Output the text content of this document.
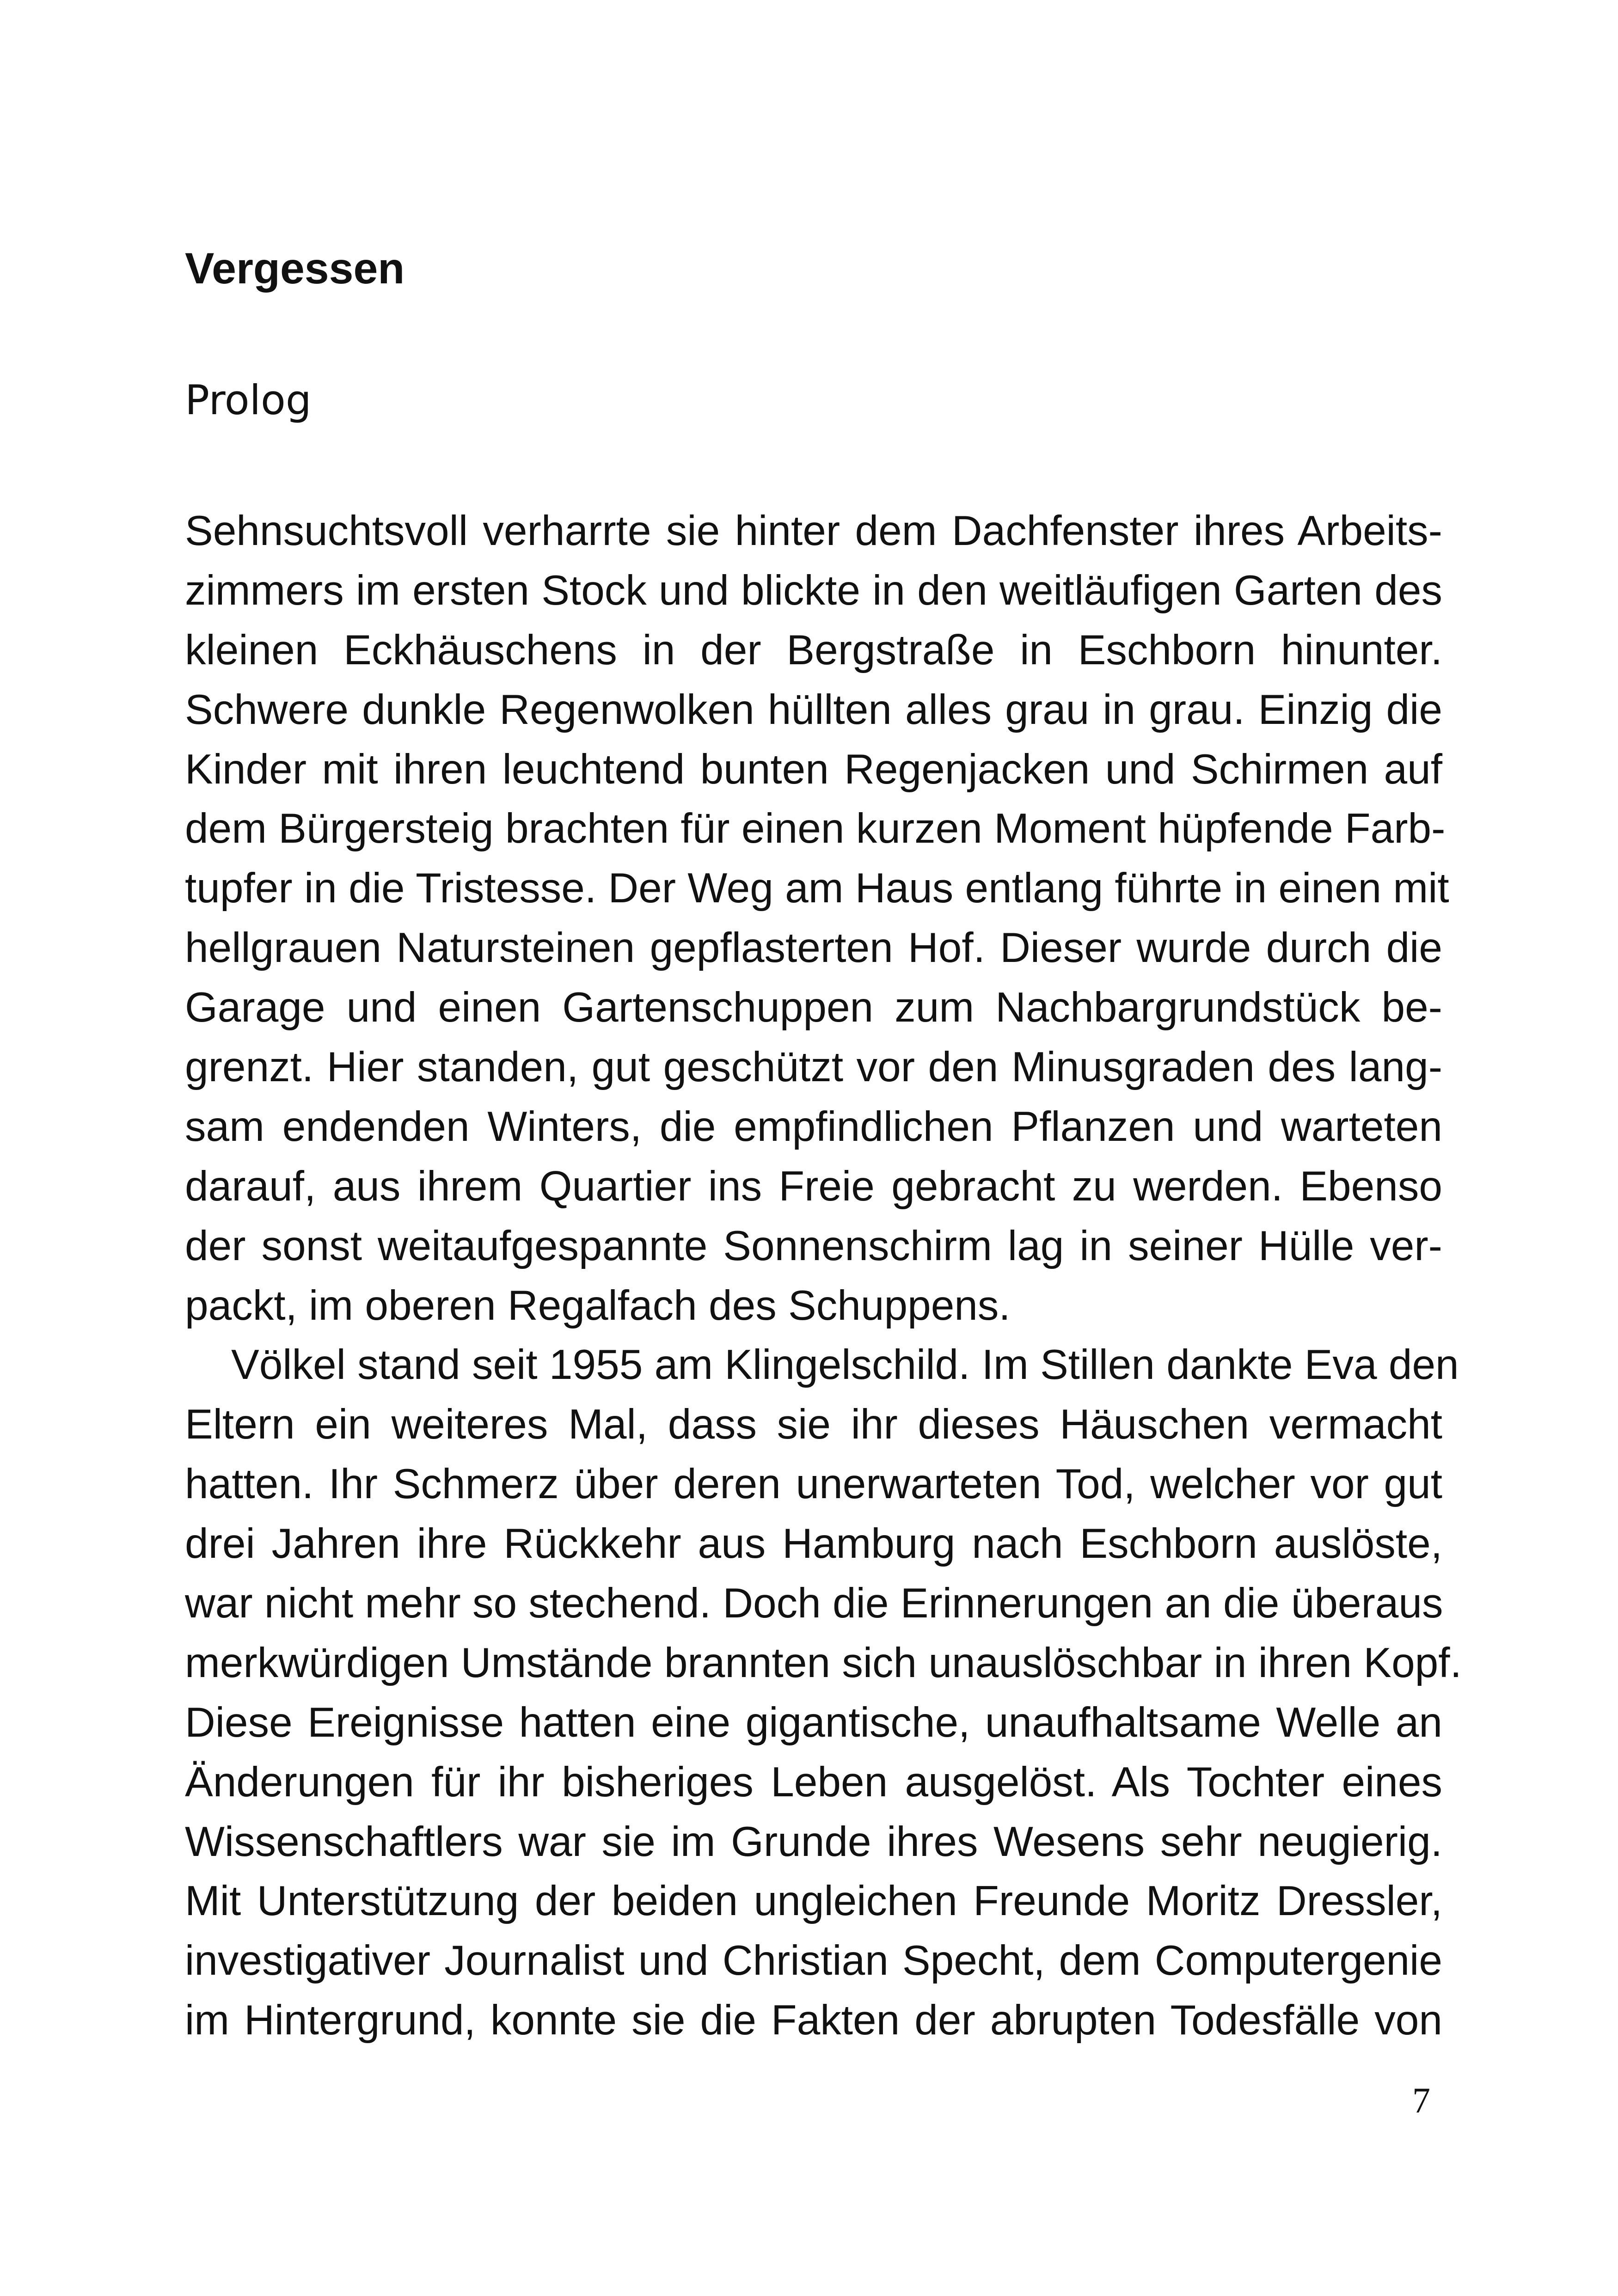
Vergessen
Prolog
Sehnsuchtsvoll verharrte sie hinter dem Dachfenster ihres Arbeits-
zimmers im ersten Stock und blickte in den weitläufigen Garten des
kleinen Eckhäuschens in der Bergstraße in Eschborn hinunter.
Schwere dunkle Regenwolken hüllten alles grau in grau. Einzig die
Kinder mit ihren leuchtend bunten Regenjacken und Schirmen auf
dem Bürgersteig brachten für einen kurzen Moment hüpfende Farb-
tupfer in die Tristesse. Der Weg am Haus entlang führte in einen mit
hellgrauen Natursteinen gepflasterten Hof. Dieser wurde durch die
Garage und einen Gartenschuppen zum Nachbargrundstück be-
grenzt. Hier standen, gut geschützt vor den Minusgraden des lang-
sam endenden Winters, die empfindlichen Pflanzen und warteten
darauf, aus ihrem Quartier ins Freie gebracht zu werden. Ebenso
der sonst weitaufgespannte Sonnenschirm lag in seiner Hülle ver-
packt, im oberen Regalfach des Schuppens.
Völkel stand seit 1955 am Klingelschild. Im Stillen dankte Eva den
Eltern ein weiteres Mal, dass sie ihr dieses Häuschen vermacht
hatten. Ihr Schmerz über deren unerwarteten Tod, welcher vor gut
drei Jahren ihre Rückkehr aus Hamburg nach Eschborn auslöste,
war nicht mehr so stechend. Doch die Erinnerungen an die überaus
merkwürdigen Umstände brannten sich unauslöschbar in ihren Kopf.
Diese Ereignisse hatten eine gigantische, unaufhaltsame Welle an
Änderungen für ihr bisheriges Leben ausgelöst. Als Tochter eines
Wissenschaftlers war sie im Grunde ihres Wesens sehr neugierig.
Mit Unterstützung der beiden ungleichen Freunde Moritz Dressler,
investigativer Journalist und Christian Specht, dem Computergenie
im Hintergrund, konnte sie die Fakten der abrupten Todesfälle von
7
